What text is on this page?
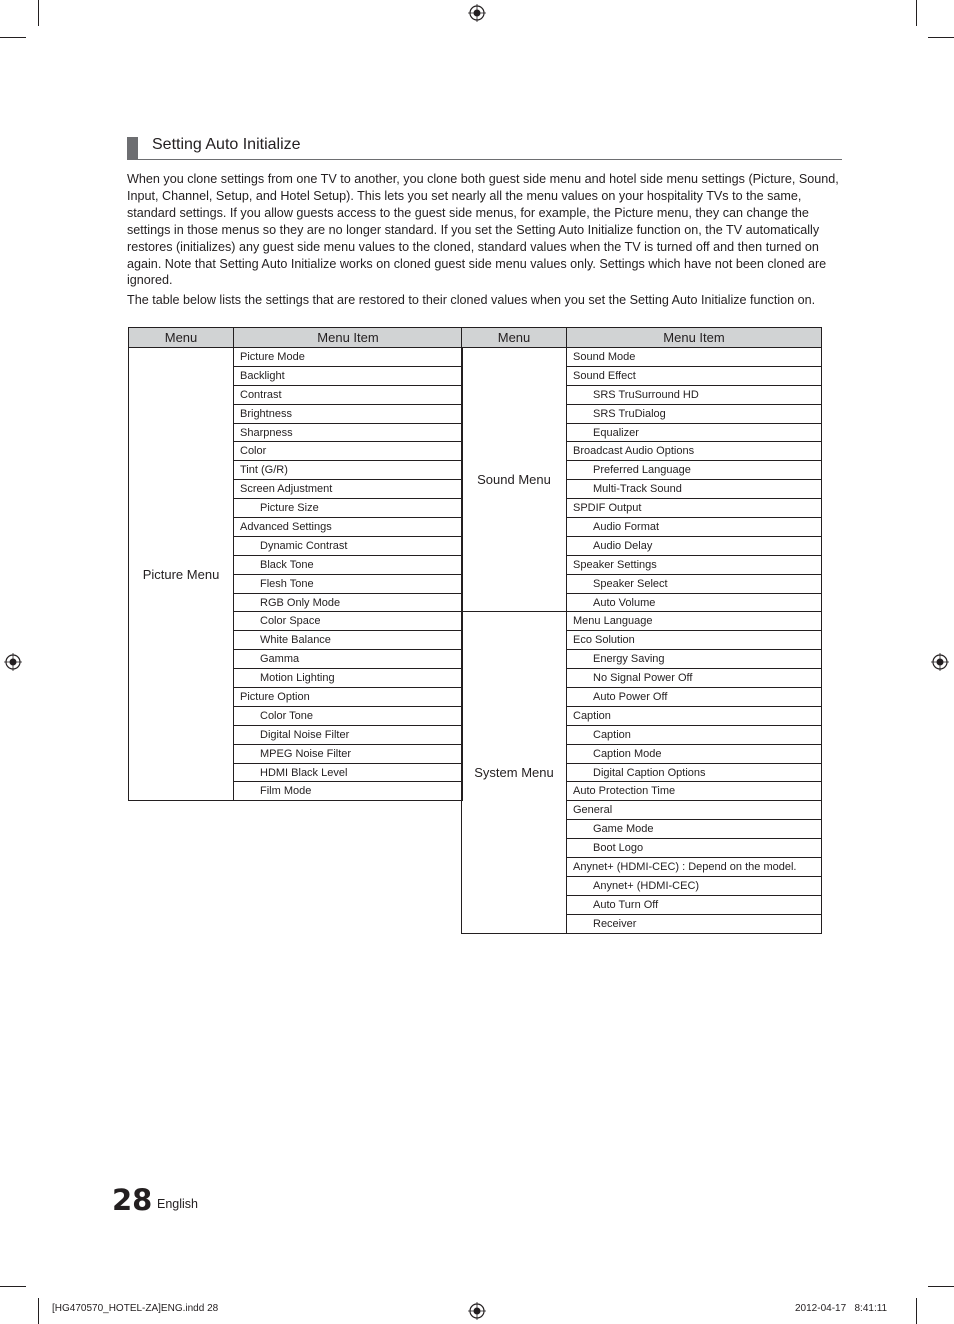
Setting Auto Initialize

When you clone settings from one TV to another, you clone both guest side menu and hotel side menu settings (Picture, Sound, Input, Channel, Setup, and Hotel Setup). This lets you set nearly all the menu values on your hospitality TVs to the same, standard settings. If you allow guests access to the guest side menus, for example, the Picture menu, they can change the settings in those menus so they are no longer standard. If you set the Setting Auto Initialize function on, the TV automatically restores (initializes) any guest side menu values to the cloned, standard values when the TV is turned off and then turned on again. Note that Setting Auto Initialize works on cloned guest side menu values only. Settings which have not been cloned are ignored.

The table below lists the settings that are restored to their cloned values when you set the Setting Auto Initialize function on.

Menu	Menu Item
Picture Menu	Picture Mode
	Backlight
	Contrast
	Brightness
	Sharpness
	Color
	Tint (G/R)
	Screen Adjustment
	Picture Size
	Advanced Settings
	Dynamic Contrast
	Black Tone
	Flesh Tone
	RGB Only Mode
	Color Space
	White Balance
	Gamma
	Motion Lighting
	Picture Option
	Color Tone
	Digital Noise Filter
	MPEG Noise Filter
	HDMI Black Level
	Film Mode
Menu	Menu Item
Sound Menu	Sound Mode
	Sound Effect
	SRS TruSurround HD
	SRS TruDialog
	Equalizer
	Broadcast Audio Options
	Preferred Language
	Multi-Track Sound
	SPDIF Output
	Audio Format
	Audio Delay
	Speaker Settings
	Speaker Select
	Auto Volume
System Menu	Menu Language
	Eco Solution
	Energy Saving
	No Signal Power Off
	Auto Power Off
	Caption
	Caption
	Caption Mode
	Digital Caption Options
	Auto Protection Time
	General
	Game Mode
	Boot Logo
	Anynet+ (HDMI-CEC) : Depend on the model.
	Anynet+ (HDMI-CEC)
	Auto Turn Off
	Receiver
28 English
[HG470570_HOTEL-ZA]ENG.indd 28	2012-04-17   8:41:11
